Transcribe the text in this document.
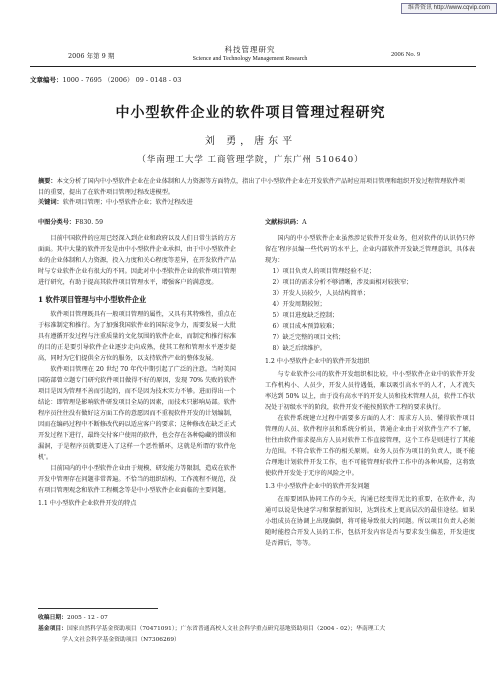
维普资讯 http://www.cqvip.com
2006 年第 9 期
科技管理研究
Science and Technology Management Research
2006 No. 9
文章编号：1000 - 7695 （2006） 09 - 0148 - 03
中小型软件企业的软件项目管理过程研究
刘 勇，唐东平
（华南理工大学 工商管理学院，广东广州 510640）
摘要：本文分析了国内中小型软件企业在企业体制和人力资源等方面特点，指出了中小型软件企业在开发软件产品时应用项目管理和组织开发过程管理软件项目的重要，提出了在软件项目管理过程改进模型。
关键词：软件项目管理；中小型软件企业；软件过程改进
中图分类号：F830. 59	文献标识码：A

目前中国软件的应用已经深入到企业和政府以及人们日常生活的方方面面。其中大量的软件开发是由中小型软件企业承担，由于中小型软件企业的企业体制和人力资源，投入力度和关心程度等差异，在开发软件产品时与专业软件企业有很大的不同。因此对中小型软件企业的软件项目管理进行研究，有助于提高其软件项目管理水平，增强客户的满意度。

1 软件项目管理与中小型软件企业

软件项目管理既具有一般项目管理的属性，又具有其特殊性，重点在于标准制定和推行。为了加强我国软件业的国际竞争力，需要发展一大批具有遵循开发过程与注重质量的文化氛围的软件企业，而制定和推行标准的目的正是要引导软件企业逐步走向成熟，使其工程和管理水平逐步提高，同时为它们提供全方位的服务，以支持软件产业的整体发展。

软件项目管理在 20 世纪 70 年代中期引起了广泛的注意。当时美国国防部曾立题专门研究软件项目做得不好的原因，发现 70% 失败的软件项目是因为管理不善而引起的，而不是因为技术实力不够。进而得出一个结论：即管理是影响软件研发项目全局的因素，而技术只影响局部。软件程序员往往没有做好这方面工作的意愿因而不重视软件开发的计划编制，因而在编码过程中不断修改代码以适应客户的要求；这种修改在缺乏正式开发过程下进行，最终交付客户使用的软件，也会存在各种隐藏的错误和漏洞，于是程序员就要进入了这样一个恶性循环，这就是所谓的'软件危机'。

目前国内的中小型软件企业由于规模、研发能力等限制，造成在软件开发中管理存在问题非常普遍。不恰当的组织结构、工作流程不规范，没有项目管理观念和软件工程概念等是中小型软件企业面临的主要问题。

1.1 中小型软件企业软件开发的特点

国内的中小型软件企业虽然涉足软件开发业务，但对软件的认识仍只停留在'程序员编一些代码'的水平上，企业内部软件开发缺乏管理意识，具体表现为：

1）项目负责人的项目管理经验不足；
2）项目的需求分析不够清晰，涉及面相对较狭窄；
3）开发人员较少，人员结构简单；
4）开发周期较短；
5）项目进度缺乏控制；
6）项目成本预算较难；
7）缺乏完整的项目文档；
8）缺乏后续维护。
1.2 中小型软件企业中的软件开发组织

与专业软件公司的软件开发组织相比较，中小型软件企业中的软件开发工作机构小、人员少，开发人员待遇低，难以吸引高水平的人才，人才流失率达到 50% 以上，由于没有高水平的开发人员和技术管理人员，软件工作状况处于初级水平的阶段，软件开发不能按照软件工程的要求执行。

在软件系统建立过程中需要多方面的人才：需求方人员、懂得软件项目管理的人员、软件程序员和系统分析员，普通企业由于对软件生产不了解，往往由软件需求提出方人员对软件工作直接管理，这个工作是则进行了其能力范围。不符合软件工作的相关原则。业务人员作为项目的负责人，既不能合理地计划软件开发工作，也不可能管理好软件工作中的各种风险，这将致使软件开发处于无序的风险之中。

1.3 中小型软件企业中的软件开发问题

在需要团队协同工作的今天，沟通已经变得无比的重要，在软件业，沟通可以说是快速学习和掌握新知识，达到技术上更高层次的最佳途径。如果小组成员在协调上出现偏倒，将可能导致很大的问题。所以项目负责人必须随时能控合开发人员的工作，包括开发内容是否与要求发生偏差，开发进度是否滞后，等等。

收稿日期：2005 - 12 - 07
基金项目：国家自然科学基金资助项目（70471091）；广东省普通高校人文社会科学重点研究基地资助项目（2004 - 02）；华南理工大
学人文社会科学基金资助项目（N7306269）
